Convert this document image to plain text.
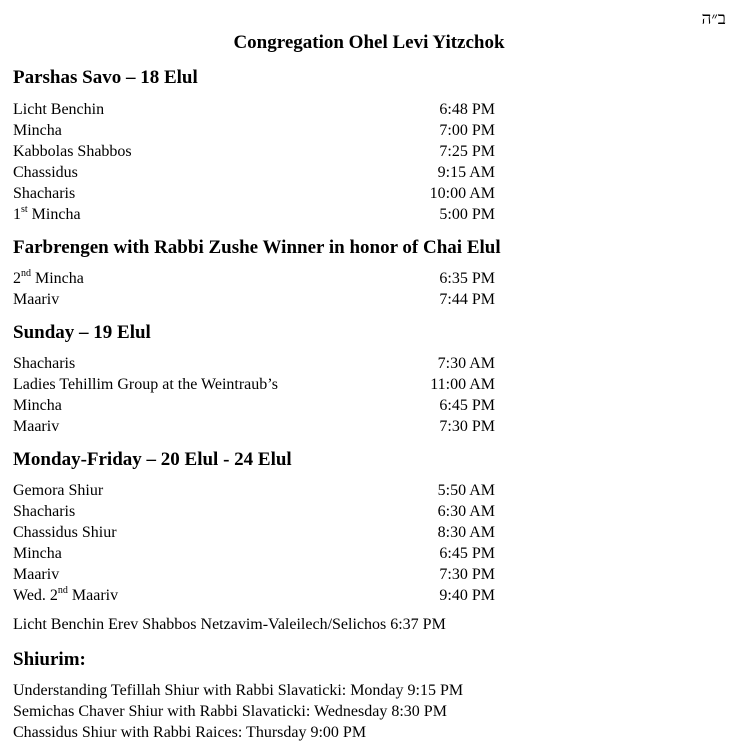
ב״ה
Congregation Ohel Levi Yitzchok
Parshas Savo – 18 Elul
Licht Benchin	6:48 PM
Mincha	7:00 PM
Kabbolas Shabbos	7:25 PM
Chassidus	9:15 AM
Shacharis	10:00 AM
1st Mincha	5:00 PM
Farbrengen with Rabbi Zushe Winner in honor of Chai Elul
2nd Mincha	6:35 PM
Maariv	7:44 PM
Sunday – 19 Elul
Shacharis	7:30 AM
Ladies Tehillim Group at the Weintraub’s	11:00 AM
Mincha	6:45 PM
Maariv	7:30 PM
Monday-Friday – 20 Elul - 24 Elul
Gemora Shiur	5:50 AM
Shacharis	6:30 AM
Chassidus Shiur	8:30 AM
Mincha	6:45 PM
Maariv	7:30 PM
Wed. 2nd Maariv	9:40 PM
Licht Benchin Erev Shabbos Netzavim-Valeilech/Selichos 6:37 PM
Shiurim:
Understanding Tefillah Shiur with Rabbi Slavaticki: Monday 9:15 PM
Semichas Chaver Shiur with Rabbi Slavaticki: Wednesday 8:30 PM
Chassidus Shiur with Rabbi Raices: Thursday 9:00 PM
